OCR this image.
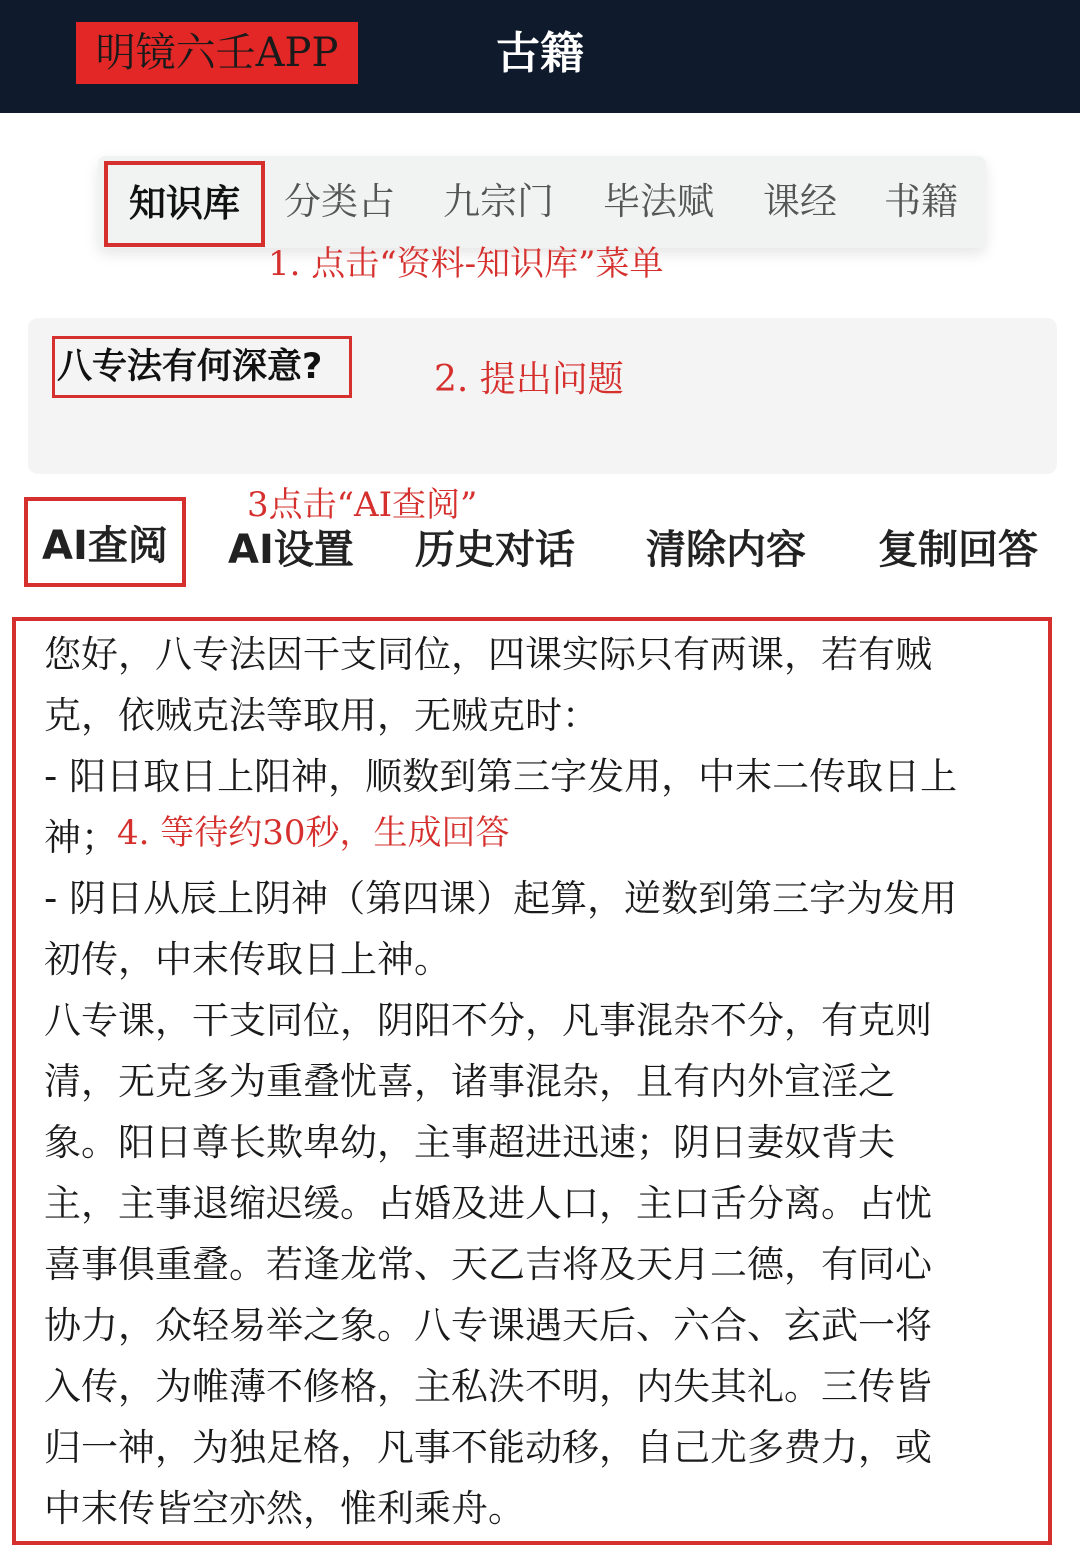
明镜六壬APP	古籍
知识库	分类占 九宗门 毕法赋 课经 书籍
1. 点击“资料-知识库”菜单
八专法有何深意?	2. 提出问题
3点击“AI查阅”
AI查阅	AI设置 历史对话 清除内容 复制回答
您好，八专法因干支同位，四课实际只有两课，若有贼
克，依贼克法等取用，无贼克时：
- 阳日取日上阳神，顺数到第三字发用，中末二传取日上
神；
- 阴日从辰上阴神（第四课）起算，逆数到第三字为发用
初传，中末传取日上神。
八专课，干支同位，阴阳不分，凡事混杂不分，有克则
清，无克多为重叠忧喜，诸事混杂，且有内外宣淫之
象。阳日尊长欺卑幼，主事超进迅速；阴日妻奴背夫
主，主事退缩迟缓。占婚及进人口，主口舌分离。占忧
喜事俱重叠。若逢龙常、天乙吉将及天月二德，有同心
协力，众轻易举之象。八专课遇天后、六合、玄武一将
入传，为帷薄不修格，主私泆不明，内失其礼。三传皆
归一神，为独足格，凡事不能动移，自己尤多费力，或
中末传皆空亦然，惟利乘舟。
4. 等待约30秒，生成回答
